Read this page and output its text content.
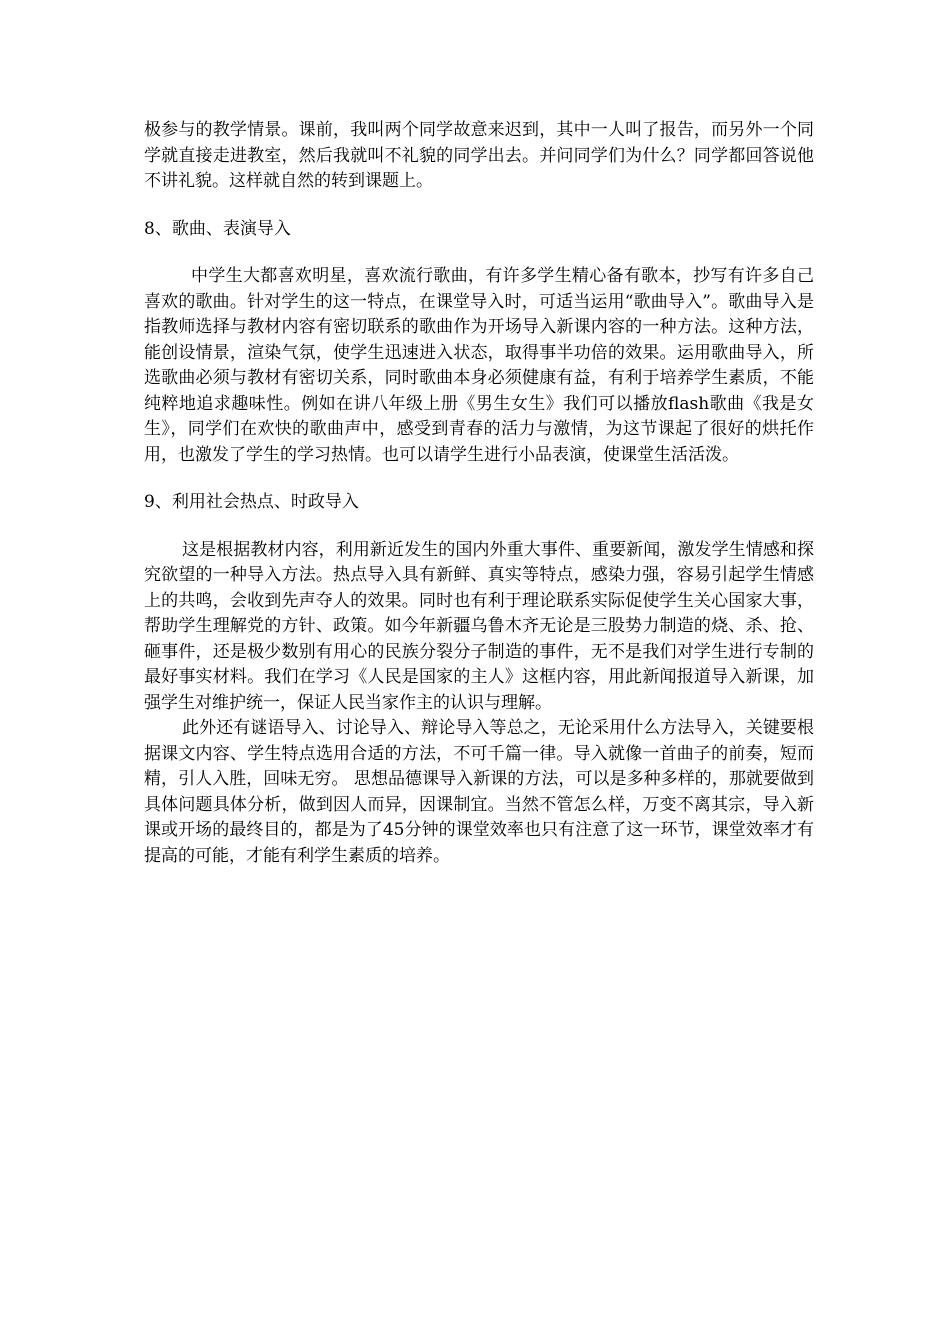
极参与的教学情景。课前，我叫两个同学故意来迟到，其中一人叫了报告，而另外一个同学就直接走进教室，然后我就叫不礼貌的同学出去。并问同学们为什么？同学都回答说他不讲礼貌。这样就自然的转到课题上。

8、歌曲、表演导入

中学生大都喜欢明星，喜欢流行歌曲，有许多学生精心备有歌本，抄写有许多自己喜欢的歌曲。针对学生的这一特点，在课堂导入时，可适当运用“歌曲导入”。歌曲导入是指教师选择与教材内容有密切联系的歌曲作为开场导入新课内容的一种方法。这种方法，能创设情景，渲染气氛，使学生迅速进入状态，取得事半功倍的效果。运用歌曲导入，所选歌曲必须与教材有密切关系，同时歌曲本身必须健康有益，有利于培养学生素质，不能纯粹地追求趣味性。例如在讲八年级上册《男生女生》我们可以播放flash歌曲《我是女生》，同学们在欢快的歌曲声中，感受到青春的活力与激情，为这节课起了很好的烘托作用，也激发了学生的学习热情。也可以请学生进行小品表演，使课堂生活活泼。

9、利用社会热点、时政导入

这是根据教材内容，利用新近发生的国内外重大事件、重要新闻，激发学生情感和探究欲望的一种导入方法。热点导入具有新鲜、真实等特点，感染力强，容易引起学生情感上的共鸣，会收到先声夺人的效果。同时也有利于理论联系实际促使学生关心国家大事，帮助学生理解党的方针、政策。如今年新疆乌鲁木齐无论是三股势力制造的烧、杀、抢、砸事件，还是极少数别有用心的民族分裂分子制造的事件，无不是我们对学生进行专制的最好事实材料。我们在学习《人民是国家的主人》这框内容，用此新闻报道导入新课，加强学生对维护统一，保证人民当家作主的认识与理解。

此外还有谜语导入、讨论导入、辩论导入等总之，无论采用什么方法导入，关键要根据课文内容、学生特点选用合适的方法，不可千篇一律。导入就像一首曲子的前奏，短而精，引人入胜，回味无穷。 思想品德课导入新课的方法，可以是多种多样的，那就要做到具体问题具体分析，做到因人而异，因课制宜。当然不管怎么样，万变不离其宗，导入新课或开场的最终目的，都是为了45分钟的课堂效率也只有注意了这一环节，课堂效率才有提高的可能，才能有利学生素质的培养。
